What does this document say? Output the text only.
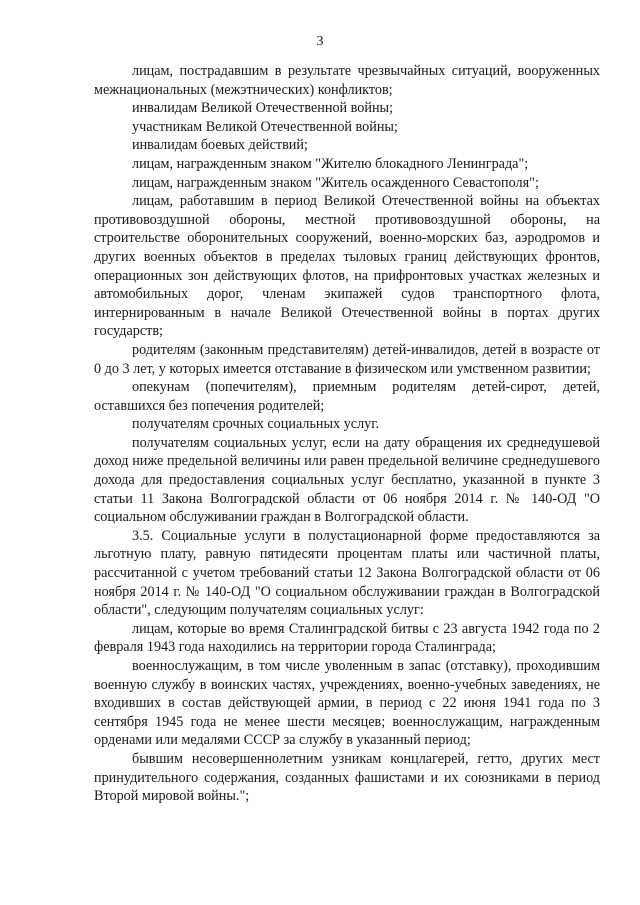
3

лицам, пострадавшим в результате чрезвычайных ситуаций, вооруженных межнациональных (межэтнических) конфликтов;

инвалидам Великой Отечественной войны;

участникам Великой Отечественной войны;

инвалидам боевых действий;

лицам, награжденным знаком "Жителю блокадного Ленинграда";

лицам, награжденным знаком "Житель осажденного Севастополя";

лицам, работавшим в период Великой Отечественной войны на объектах противовоздушной обороны, местной противовоздушной обороны, на строительстве оборонительных сооружений, военно-морских баз, аэродромов и других военных объектов в пределах тыловых границ действующих фронтов, операционных зон действующих флотов, на прифронтовых участках железных и автомобильных дорог, членам экипажей судов транспортного флота, интернированным в начале Великой Отечественной войны в портах других государств;

родителям (законным представителям) детей-инвалидов, детей в возрасте от 0 до 3 лет, у которых имеется отставание в физическом или умственном развитии;

опекунам (попечителям), приемным родителям детей-сирот, детей, оставшихся без попечения родителей;

получателям срочных социальных услуг.

получателям социальных услуг, если на дату обращения их среднедушевой доход ниже предельной величины или равен предельной величине среднедушевого дохода для предоставления социальных услуг бесплатно, указанной в пункте 3 статьи 11 Закона Волгоградской области от 06 ноября 2014 г. № 140-ОД "О социальном обслуживании граждан в Волгоградской области.

3.5. Социальные услуги в полустационарной форме предоставляются за льготную плату, равную пятидесяти процентам платы или частичной платы, рассчитанной с учетом требований статьи 12 Закона Волгоградской области от 06 ноября 2014 г. № 140-ОД "О социальном обслуживании граждан в Волгоградской области", следующим получателям социальных услуг:

лицам, которые во время Сталинградской битвы с 23 августа 1942 года по 2 февраля 1943 года находились на территории города Сталинграда;

военнослужащим, в том числе уволенным в запас (отставку), проходившим военную службу в воинских частях, учреждениях, военно-учебных заведениях, не входивших в состав действующей армии, в период с 22 июня 1941 года по 3 сентября 1945 года не менее шести месяцев; военнослужащим, награжденным орденами или медалями СССР за службу в указанный период;

бывшим несовершеннолетним узникам концлагерей, гетто, других мест принудительного содержания, созданных фашистами и их союзниками в период Второй мировой войны.";
